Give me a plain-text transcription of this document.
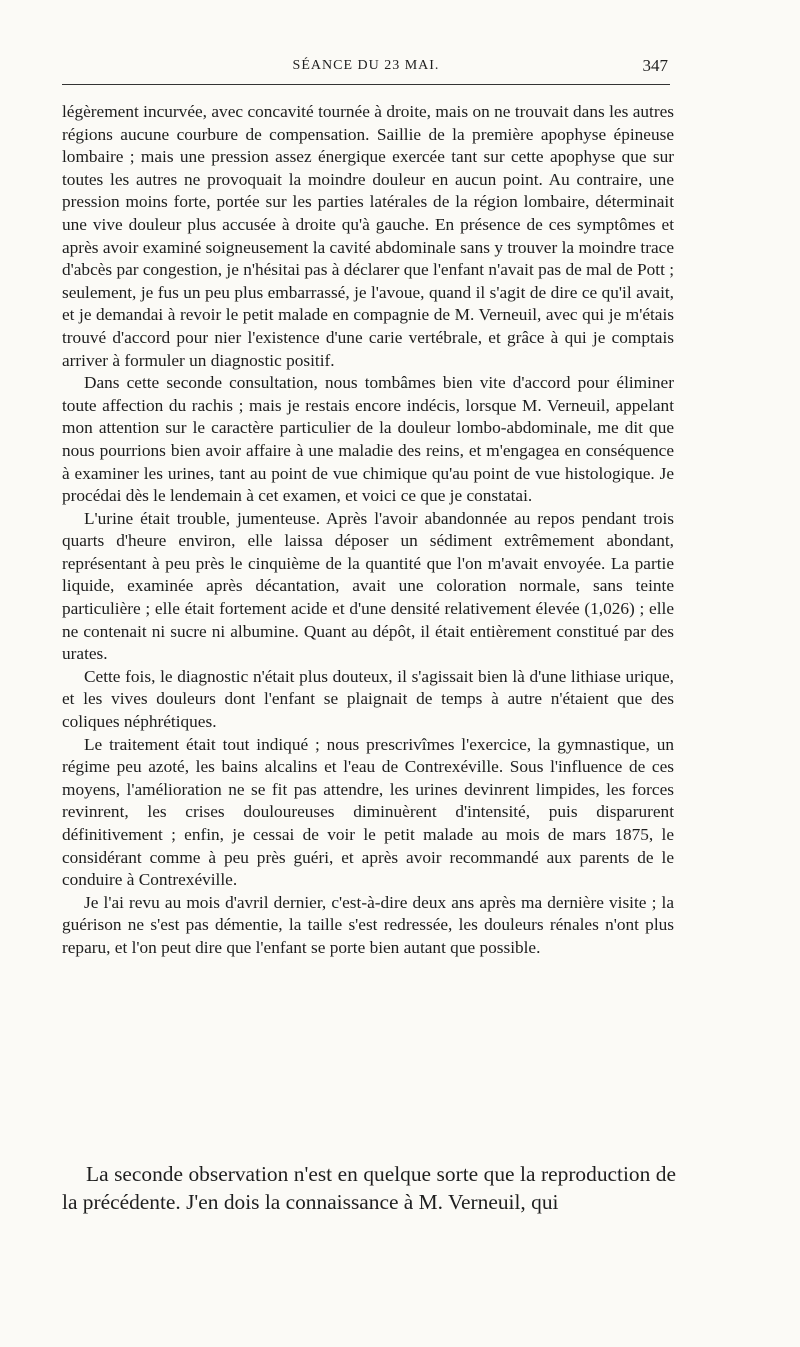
SÉANCE DU 23 MAI.	347

légèrement incurvée, avec concavité tournée à droite, mais on ne trouvait dans les autres régions aucune courbure de compensation. Saillie de la première apophyse épineuse lombaire ; mais une pression assez énergique exercée tant sur cette apophyse que sur toutes les autres ne provoquait la moindre douleur en aucun point. Au contraire, une pression moins forte, portée sur les parties latérales de la région lombaire, déterminait une vive douleur plus accusée à droite qu'à gauche. En présence de ces symptômes et après avoir examiné soigneusement la cavité abdominale sans y trouver la moindre trace d'abcès par congestion, je n'hésitai pas à déclarer que l'enfant n'avait pas de mal de Pott ; seulement, je fus un peu plus embarrassé, je l'avoue, quand il s'agit de dire ce qu'il avait, et je demandai à revoir le petit malade en compagnie de M. Verneuil, avec qui je m'étais trouvé d'accord pour nier l'existence d'une carie vertébrale, et grâce à qui je comptais arriver à formuler un diagnostic positif.

Dans cette seconde consultation, nous tombâmes bien vite d'accord pour éliminer toute affection du rachis ; mais je restais encore indécis, lorsque M. Verneuil, appelant mon attention sur le caractère particulier de la douleur lombo-abdominale, me dit que nous pourrions bien avoir affaire à une maladie des reins, et m'engagea en conséquence à examiner les urines, tant au point de vue chimique qu'au point de vue histologique. Je procédai dès le lendemain à cet examen, et voici ce que je constatai.

L'urine était trouble, jumenteuse. Après l'avoir abandonnée au repos pendant trois quarts d'heure environ, elle laissa déposer un sédiment extrêmement abondant, représentant à peu près le cinquième de la quantité que l'on m'avait envoyée. La partie liquide, examinée après décantation, avait une coloration normale, sans teinte particulière ; elle était fortement acide et d'une densité relativement élevée (1,026) ; elle ne contenait ni sucre ni albumine. Quant au dépôt, il était entièrement constitué par des urates.

Cette fois, le diagnostic n'était plus douteux, il s'agissait bien là d'une lithiase urique, et les vives douleurs dont l'enfant se plaignait de temps à autre n'étaient que des coliques néphrétiques.

Le traitement était tout indiqué ; nous prescrivîmes l'exercice, la gymnastique, un régime peu azoté, les bains alcalins et l'eau de Contrexéville. Sous l'influence de ces moyens, l'amélioration ne se fit pas attendre, les urines devinrent limpides, les forces revinrent, les crises douloureuses diminuèrent d'intensité, puis disparurent définitivement ; enfin, je cessai de voir le petit malade au mois de mars 1875, le considérant comme à peu près guéri, et après avoir recommandé aux parents de le conduire à Contrexéville.

Je l'ai revu au mois d'avril dernier, c'est-à-dire deux ans après ma dernière visite ; la guérison ne s'est pas démentie, la taille s'est redressée, les douleurs rénales n'ont plus reparu, et l'on peut dire que l'enfant se porte bien autant que possible.

La seconde observation n'est en quelque sorte que la reproduction de la précédente. J'en dois la connaissance à M. Verneuil, qui
